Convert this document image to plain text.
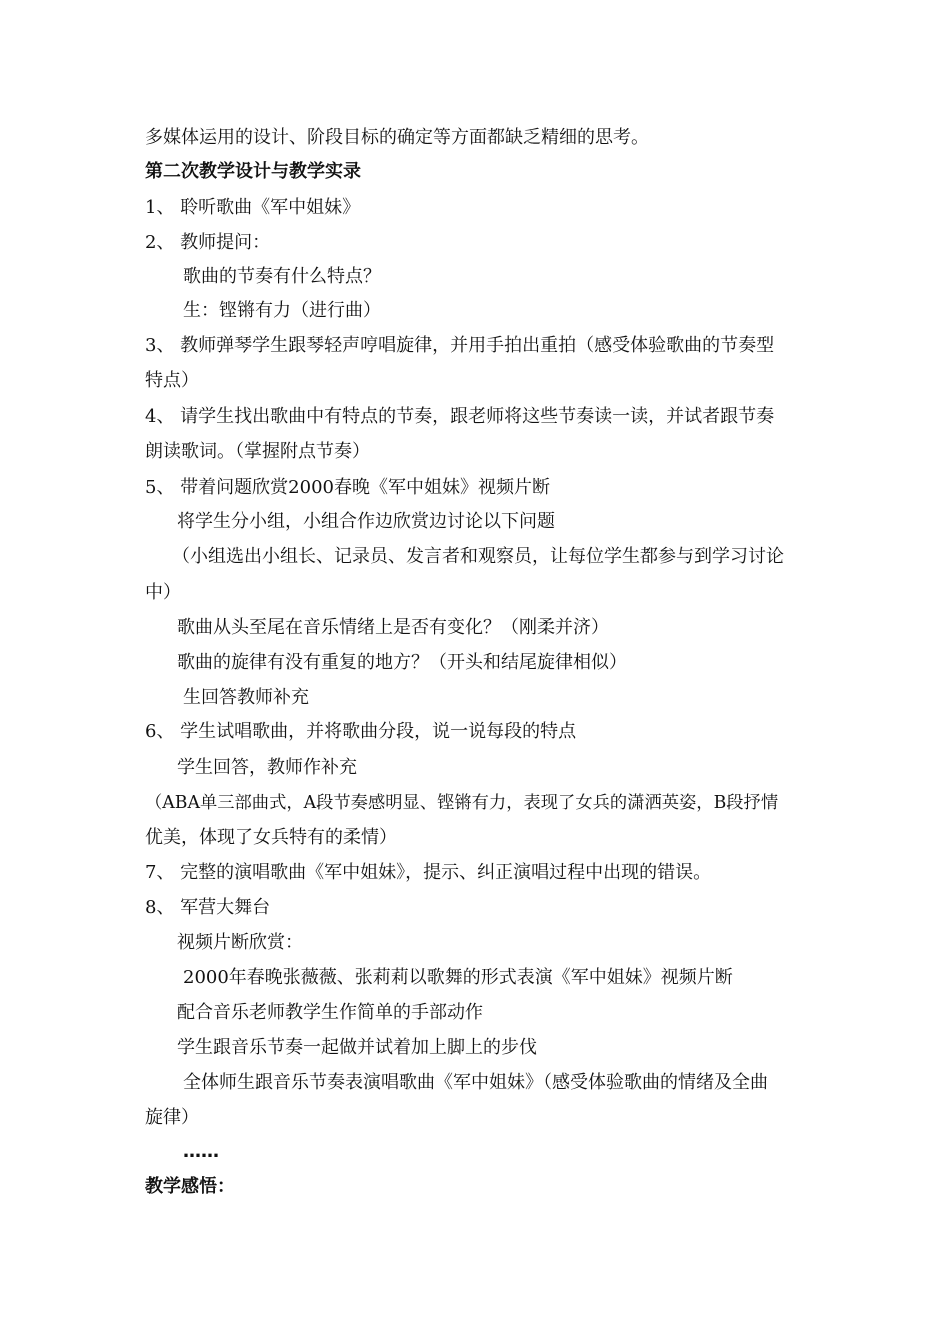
多媒体运用的设计、阶段目标的确定等方面都缺乏精细的思考。
第二次教学设计与教学实录
1、 聆听歌曲《军中姐妹》
2、 教师提问：
歌曲的节奏有什么特点？
生：铿锵有力（进行曲）
3、 教师弹琴学生跟琴轻声哼唱旋律，并用手拍出重拍（感受体验歌曲的节奏型
特点）
4、 请学生找出歌曲中有特点的节奏，跟老师将这些节奏读一读，并试者跟节奏
朗读歌词。（掌握附点节奏）
5、 带着问题欣赏2000春晚《军中姐妹》视频片断
将学生分小组，小组合作边欣赏边讨论以下问题
（小组选出小组长、记录员、发言者和观察员，让每位学生都参与到学习讨论
中）
歌曲从头至尾在音乐情绪上是否有变化？（刚柔并济）
歌曲的旋律有没有重复的地方？（开头和结尾旋律相似）
生回答教师补充
6、 学生试唱歌曲，并将歌曲分段，说一说每段的特点
学生回答，教师作补充
（ABA单三部曲式，A段节奏感明显、铿锵有力，表现了女兵的潇洒英姿，B段抒情
优美，体现了女兵特有的柔情）
7、 完整的演唱歌曲《军中姐妹》，提示、纠正演唱过程中出现的错误。
8、 军营大舞台
视频片断欣赏：
2000年春晚张薇薇、张莉莉以歌舞的形式表演《军中姐妹》视频片断
配合音乐老师教学生作简单的手部动作
学生跟音乐节奏一起做并试着加上脚上的步伐
全体师生跟音乐节奏表演唱歌曲《军中姐妹》（感受体验歌曲的情绪及全曲
旋律）
……
教学感悟：
